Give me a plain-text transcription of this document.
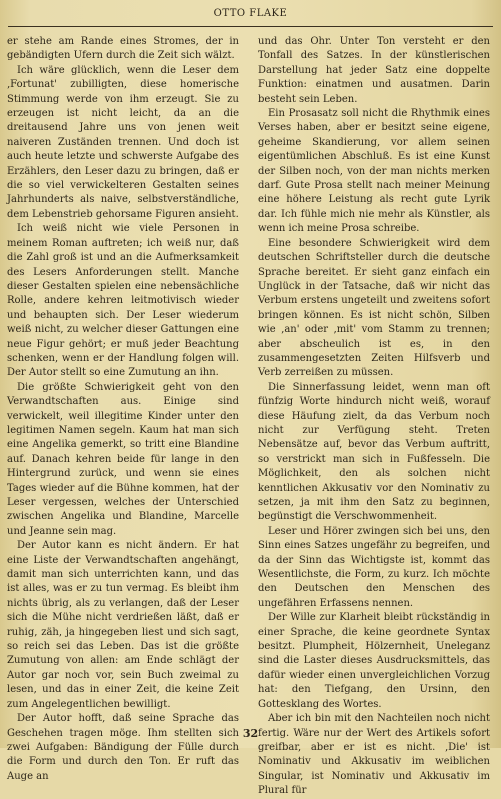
OTTO FLAKE

er stehe am Rande eines Stromes, der in gebändigten Ufern durch die Zeit sich wälzt.

Ich wäre glücklich, wenn die Leser dem ‚Fortunat' zubilligten, diese homerische Stimmung werde von ihm erzeugt. Sie zu erzeugen ist nicht leicht, da an die dreitausend Jahre uns von jenen weit naiveren Zuständen trennen. Und doch ist auch heute letzte und schwerste Aufgabe des Erzählers, den Leser dazu zu bringen, daß er die so viel verwickelteren Gestalten seines Jahrhunderts als naive, selbstverständliche, dem Lebenstrieb gehorsame Figuren ansieht.

Ich weiß nicht wie viele Personen in meinem Roman auftreten; ich weiß nur, daß die Zahl groß ist und an die Aufmerksamkeit des Lesers Anforderungen stellt. Manche dieser Gestalten spielen eine nebensächliche Rolle, andere kehren leitmotivisch wieder und behaupten sich. Der Leser wiederum weiß nicht, zu welcher dieser Gattungen eine neue Figur gehört; er muß jeder Beachtung schenken, wenn er der Handlung folgen will. Der Autor stellt so eine Zumutung an ihn.

Die größte Schwierigkeit geht von den Verwandtschaften aus. Einige sind verwickelt, weil illegitime Kinder unter den legitimen Namen segeln. Kaum hat man sich eine Angelika gemerkt, so tritt eine Blandine auf. Danach kehren beide für lange in den Hintergrund zurück, und wenn sie eines Tages wieder auf die Bühne kommen, hat der Leser vergessen, welches der Unterschied zwischen Angelika und Blandine, Marcelle und Jeanne sein mag.

Der Autor kann es nicht ändern. Er hat eine Liste der Verwandtschaften angehängt, damit man sich unterrichten kann, und das ist alles, was er zu tun vermag. Es bleibt ihm nichts übrig, als zu verlangen, daß der Leser sich die Mühe nicht verdrießen läßt, daß er ruhig, zäh, ja hingegeben liest und sich sagt, so reich sei das Leben. Das ist die größte Zumutung von allen: am Ende schlägt der Autor gar noch vor, sein Buch zweimal zu lesen, und das in einer Zeit, die keine Zeit zum Angelegentlichen bewilligt.

Der Autor hofft, daß seine Sprache das Geschehen tragen möge. Ihm stellten sich zwei Aufgaben: Bändigung der Fülle durch die Form und durch den Ton. Er ruft das Auge an

und das Ohr. Unter Ton versteht er den Tonfall des Satzes. In der künstlerischen Darstellung hat jeder Satz eine doppelte Funktion: einatmen und ausatmen. Darin besteht sein Leben.

Ein Prosasatz soll nicht die Rhythmik eines Verses haben, aber er besitzt seine eigene, geheime Skandierung, vor allem seinen eigentümlichen Abschluß. Es ist eine Kunst der Silben noch, von der man nichts merken darf. Gute Prosa stellt nach meiner Meinung eine höhere Leistung als recht gute Lyrik dar. Ich fühle mich nie mehr als Künstler, als wenn ich meine Prosa schreibe.

Eine besondere Schwierigkeit wird dem deutschen Schriftsteller durch die deutsche Sprache bereitet. Er sieht ganz einfach ein Unglück in der Tatsache, daß wir nicht das Verbum erstens ungeteilt und zweitens sofort bringen können. Es ist nicht schön, Silben wie ‚an' oder ‚mit' vom Stamm zu trennen; aber abscheulich ist es, in den zusammengesetzten Zeiten Hilfsverb und Verb zerreißen zu müssen.

Die Sinnerfassung leidet, wenn man oft fünfzig Worte hindurch nicht weiß, worauf diese Häufung zielt, da das Verbum noch nicht zur Verfügung steht. Treten Nebensätze auf, bevor das Verbum auftritt, so verstrickt man sich in Fußfesseln. Die Möglichkeit, den als solchen nicht kenntlichen Akkusativ vor den Nominativ zu setzen, ja mit ihm den Satz zu beginnen, begünstigt die Verschwommenheit.

Leser und Hörer zwingen sich bei uns, den Sinn eines Satzes ungefähr zu begreifen, und da der Sinn das Wichtigste ist, kommt das Wesentlichste, die Form, zu kurz. Ich möchte den Deutschen den Menschen des ungefähren Erfassens nennen.

Der Wille zur Klarheit bleibt rückständig in einer Sprache, die keine geordnete Syntax besitzt. Plumpheit, Hölzernheit, Uneleganz sind die Laster dieses Ausdrucksmittels, das dafür wieder einen unvergleichlichen Vorzug hat: den Tiefgang, den Ursinn, den Gottesklang des Wortes.

Aber ich bin mit den Nachteilen noch nicht fertig. Wäre nur der Wert des Artikels sofort greifbar, aber er ist es nicht. ‚Die' ist Nominativ und Akkusativ im weiblichen Singular, ist Nominativ und Akkusativ im Plural für

32
